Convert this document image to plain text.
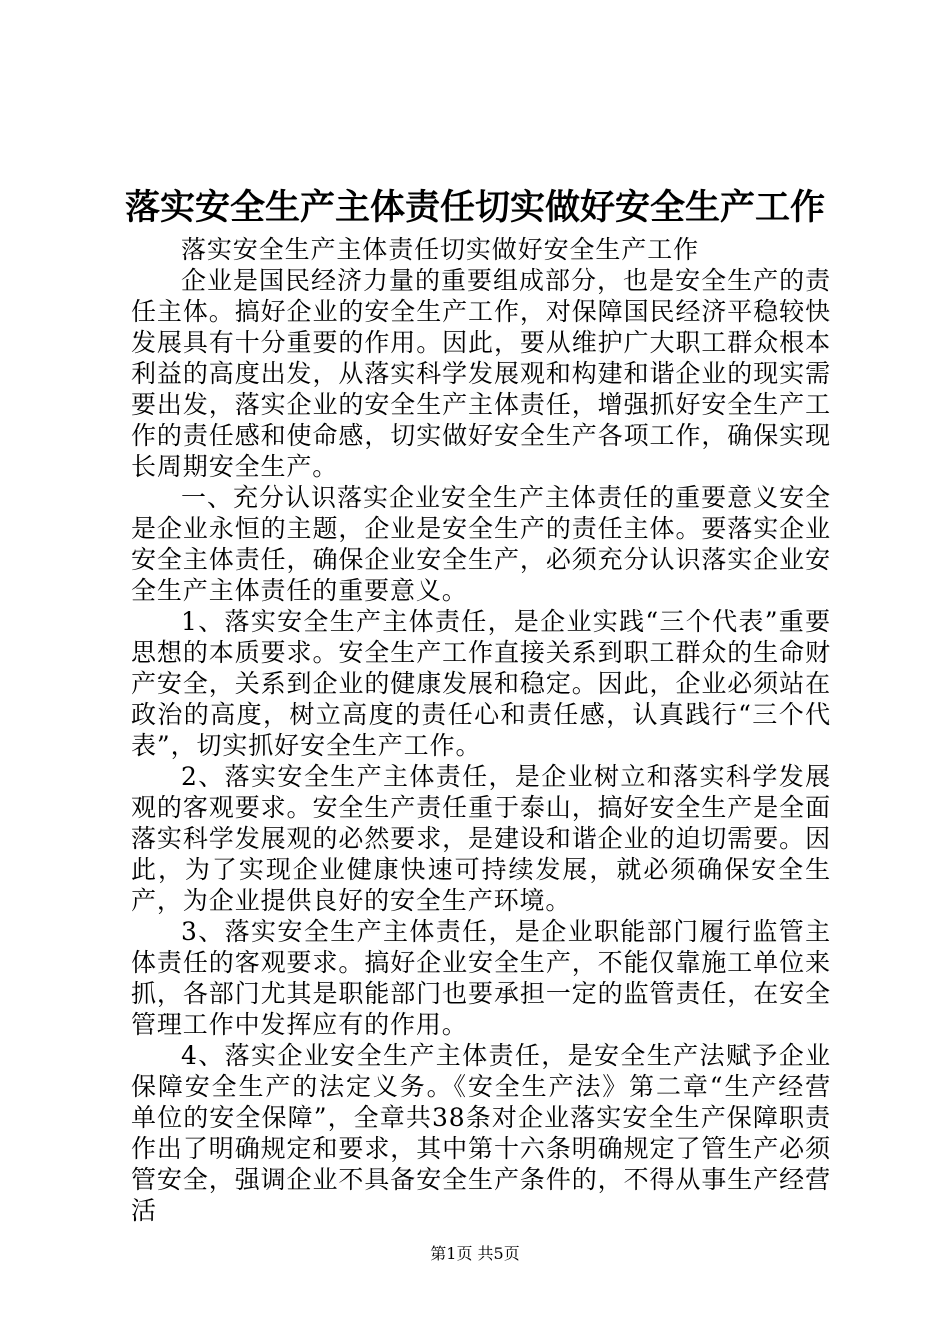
落实安全生产主体责任切实做好安全生产工作

落实安全生产主体责任切实做好安全生产工作

企业是国民经济力量的重要组成部分，也是安全生产的责任主体。搞好企业的安全生产工作，对保障国民经济平稳较快发展具有十分重要的作用。因此，要从维护广大职工群众根本利益的高度出发，从落实科学发展观和构建和谐企业的现实需要出发，落实企业的安全生产主体责任，增强抓好安全生产工作的责任感和使命感，切实做好安全生产各项工作，确保实现长周期安全生产。

一、充分认识落实企业安全生产主体责任的重要意义安全是企业永恒的主题，企业是安全生产的责任主体。要落实企业安全主体责任，确保企业安全生产，必须充分认识落实企业安全生产主体责任的重要意义。

1、落实安全生产主体责任，是企业实践“三个代表”重要思想的本质要求。安全生产工作直接关系到职工群众的生命财产安全，关系到企业的健康发展和稳定。因此，企业必须站在政治的高度，树立高度的责任心和责任感，认真践行“三个代表”，切实抓好安全生产工作。

2、落实安全生产主体责任，是企业树立和落实科学发展观的客观要求。安全生产责任重于泰山，搞好安全生产是全面落实科学发展观的必然要求，是建设和谐企业的迫切需要。因此，为了实现企业健康快速可持续发展，就必须确保安全生产，为企业提供良好的安全生产环境。

3、落实安全生产主体责任，是企业职能部门履行监管主体责任的客观要求。搞好企业安全生产，不能仅靠施工单位来抓，各部门尤其是职能部门也要承担一定的监管责任，在安全管理工作中发挥应有的作用。

4、落实企业安全生产主体责任，是安全生产法赋予企业保障安全生产的法定义务。《安全生产法》第二章“生产经营单位的安全保障”，全章共38条对企业落实安全生产保障职责作出了明确规定和要求，其中第十六条明确规定了管生产必须管安全，强调企业不具备安全生产条件的，不得从事生产经营活

第1页 共5页
